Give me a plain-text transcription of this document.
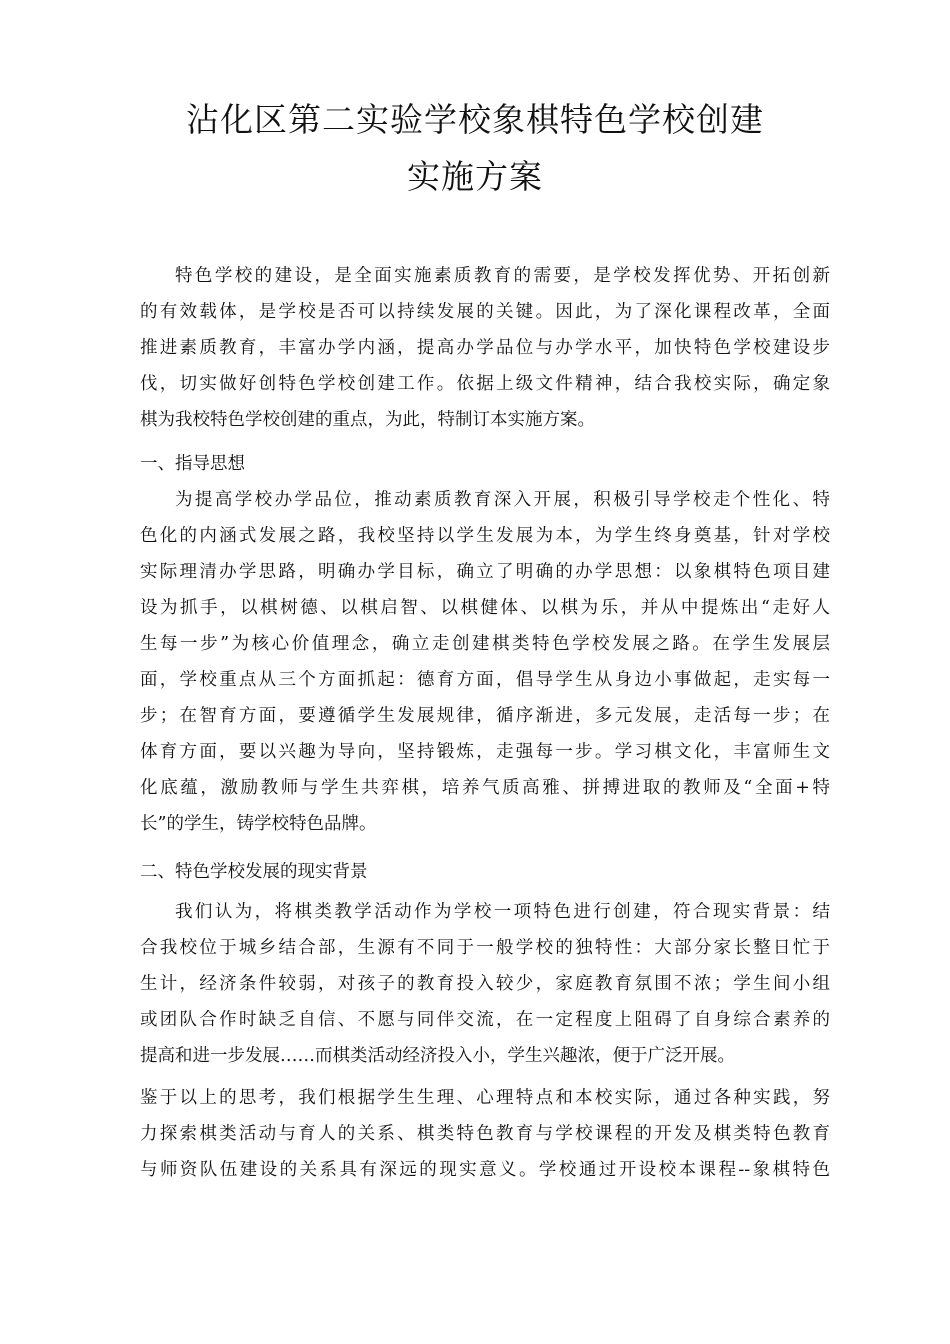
沾化区第二实验学校象棋特色学校创建
实施方案
特色学校的建设，是全面实施素质教育的需要，是学校发挥优势、开拓创新
的有效载体，是学校是否可以持续发展的关键。因此，为了深化课程改革，全面
推进素质教育，丰富办学内涵，提高办学品位与办学水平，加快特色学校建设步
伐，切实做好创特色学校创建工作。依据上级文件精神，结合我校实际，确定象
棋为我校特色学校创建的重点，为此，特制订本实施方案。
一、指导思想
为提高学校办学品位，推动素质教育深入开展，积极引导学校走个性化、特
色化的内涵式发展之路，我校坚持以学生发展为本，为学生终身奠基，针对学校
实际理清办学思路，明确办学目标，确立了明确的办学思想：以象棋特色项目建
设为抓手，以棋树德、以棋启智、以棋健体、以棋为乐，并从中提炼出“走好人
生每一步”为核心价值理念，确立走创建棋类特色学校发展之路。在学生发展层
面，学校重点从三个方面抓起：德育方面，倡导学生从身边小事做起，走实每一
步；在智育方面，要遵循学生发展规律，循序渐进，多元发展，走活每一步；在
体育方面，要以兴趣为导向，坚持锻炼，走强每一步。学习棋文化，丰富师生文
化底蕴，激励教师与学生共弈棋，培养气质高雅、拼搏进取的教师及“全面+特
长”的学生，铸学校特色品牌。
二、特色学校发展的现实背景
我们认为，将棋类教学活动作为学校一项特色进行创建，符合现实背景：结
合我校位于城乡结合部，生源有不同于一般学校的独特性：大部分家长整日忙于
生计，经济条件较弱，对孩子的教育投入较少，家庭教育氛围不浓；学生间小组
或团队合作时缺乏自信、不愿与同伴交流，在一定程度上阻碍了自身综合素养的
提高和进一步发展……而棋类活动经济投入小，学生兴趣浓，便于广泛开展。
鉴于以上的思考，我们根据学生生理、心理特点和本校实际，通过各种实践，努
力探索棋类活动与育人的关系、棋类特色教育与学校课程的开发及棋类特色教育
与师资队伍建设的关系具有深远的现实意义。学校通过开设校本课程--象棋特色
